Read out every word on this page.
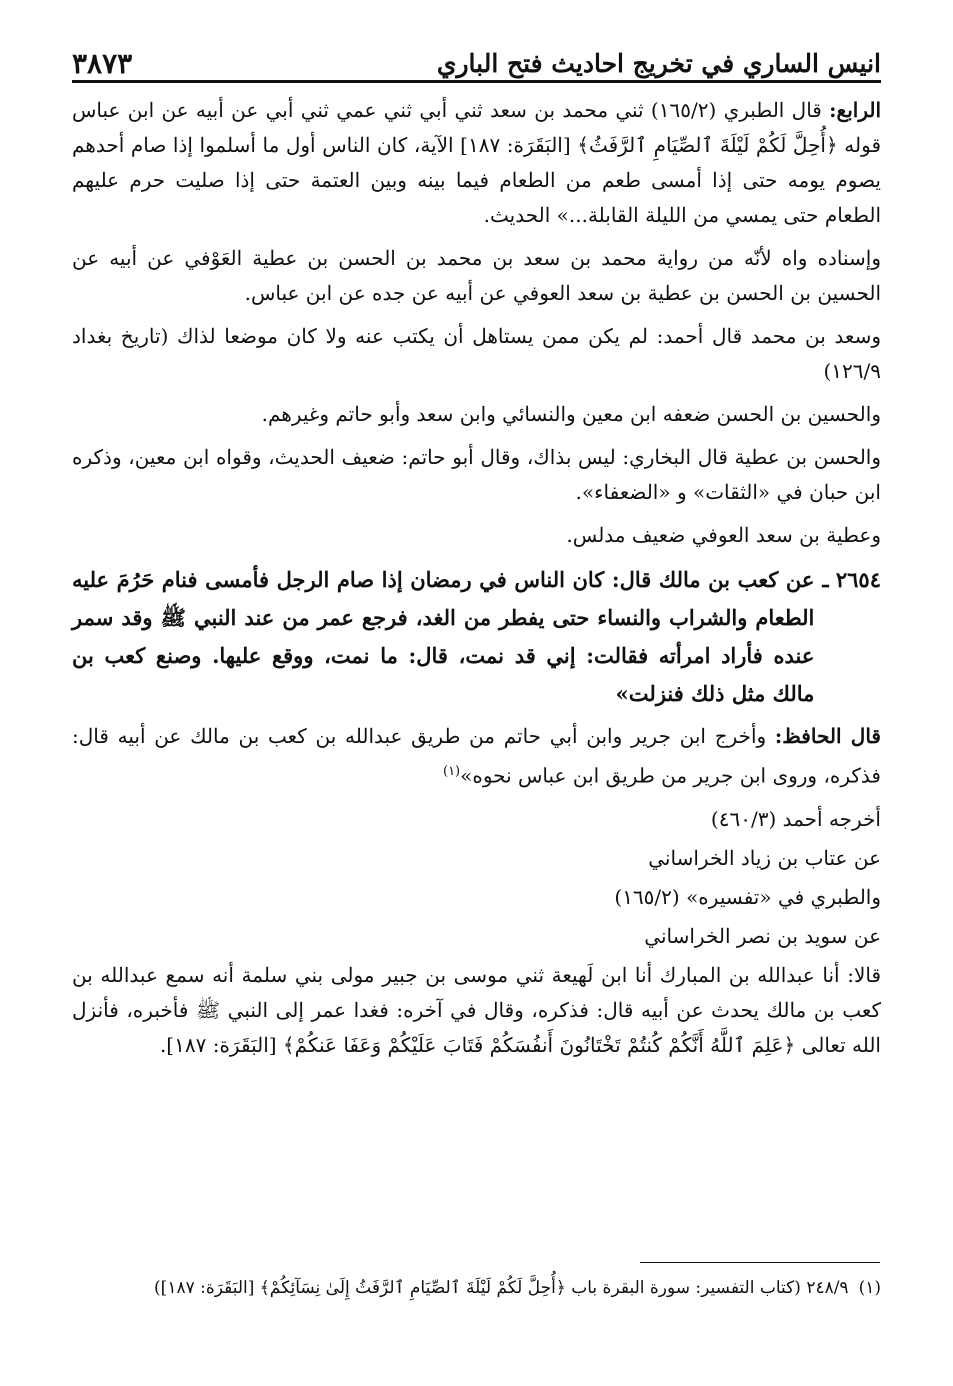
انيس الساري في تخريج احاديث فتح الباري
٣٨٧٣

الرابع: قال الطبري (١٦٥/٢) ثني محمد بن سعد ثني أبي ثني عمي ثني أبي عن أبيه عن ابن عباس قوله ﴿أُحِلَّ لَكُمْ لَيْلَةَ ٱلصِّيَامِ ٱلرَّفَثُ﴾ [البَقَرَة: ١٨٧] الآية، كان الناس أول ما أسلموا إذا صام أحدهم يصوم يومه حتى إذا أمسى طعم من الطعام فيما بينه وبين العتمة حتى إذا صليت حرم عليهم الطعام حتى يمسي من الليلة القابلة...» الحديث.

وإسناده واه لأنّه من رواية محمد بن سعد بن محمد بن الحسن بن عطية العَوْفي عن أبيه عن الحسين بن الحسن بن عطية بن سعد العوفي عن أبيه عن جده عن ابن عباس.

وسعد بن محمد قال أحمد: لم يكن ممن يستاهل أن يكتب عنه ولا كان موضعا لذاك (تاريخ بغداد ١٢٦/٩)

والحسين بن الحسن ضعفه ابن معين والنسائي وابن سعد وأبو حاتم وغيرهم.

والحسن بن عطية قال البخاري: ليس بذاك، وقال أبو حاتم: ضعيف الحديث، وقواه ابن معين، وذكره ابن حبان في «الثقات» و «الضعفاء».

وعطية بن سعد العوفي ضعيف مدلس.

٢٦٥٤ ـ
عن كعب بن مالك قال: كان الناس في رمضان إذا صام الرجل فأمسى فنام حَرُمَ عليه الطعام والشراب والنساء حتى يفطر من الغد، فرجع عمر من عند النبي ﷺ وقد سمر عنده فأراد امرأته فقالت: إني قد نمت، قال: ما نمت، ووقع عليها. وصنع كعب بن مالك مثل ذلك فنزلت»

قال الحافظ: وأخرج ابن جرير وابن أبي حاتم من طريق عبدالله بن كعب بن مالك عن أبيه قال: فذكره، وروى ابن جرير من طريق ابن عباس نحوه»$^{(١)}$

أخرجه أحمد (٤٦٠/٣)

عن عتاب بن زياد الخراساني

والطبري في «تفسيره» (١٦٥/٢)

عن سويد بن نصر الخراساني

قالا: أنا عبدالله بن المبارك أنا ابن لَهيعة ثني موسى بن جبير مولى بني سلمة أنه سمع عبدالله بن كعب بن مالك يحدث عن أبيه قال: فذكره، وقال في آخره: فغدا عمر إلى النبي ﷺ فأخبره، فأنزل الله تعالى ﴿عَلِمَ ٱللَّهُ أَنَّكُمْ كُنتُمْ تَخْتَانُونَ أَنفُسَكُمْ فَتَابَ عَلَيْكُمْ وَعَفَا عَنكُمْ﴾ [البَقَرَة: ١٨٧].

(١)٢٤٨/٩ (كتاب التفسير: سورة البقرة باب ﴿أُحِلَّ لَكُمْ لَيْلَةَ ٱلصِّيَامِ ٱلرَّفَثُ إِلَىٰ نِسَآئِكُمْ﴾ [البَقَرَة: ١٨٧])
